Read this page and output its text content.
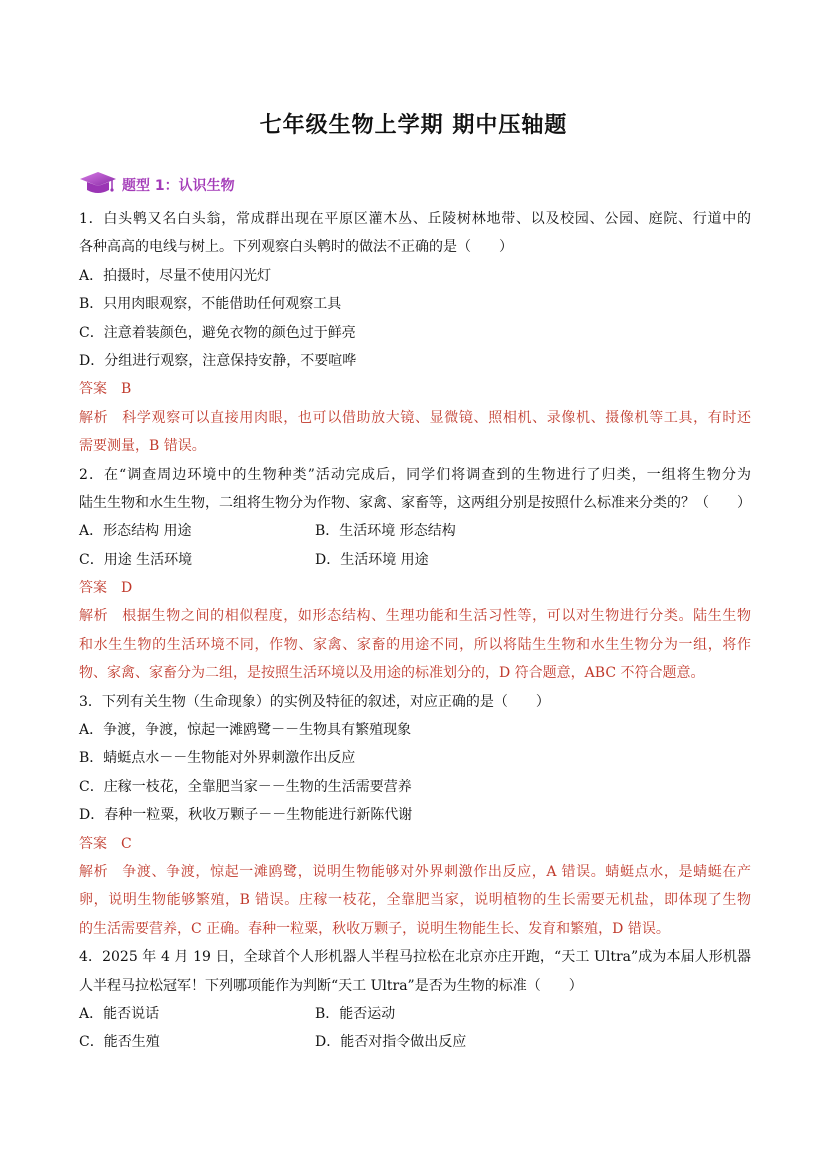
七年级生物上学期 期中压轴题
题型 1：认识生物
1．白头鹎又名白头翁，常成群出现在平原区灌木丛、丘陵树林地带、以及校园、公园、庭院、行道中的
各种高高的电线与树上。下列观察白头鹎时的做法不正确的是（　　）
A．拍摄时，尽量不使用闪光灯
B．只用肉眼观察，不能借助任何观察工具
C．注意着装颜色，避免衣物的颜色过于鲜亮
D．分组进行观察，注意保持安静，不要喧哗
答案 B
解析 科学观察可以直接用肉眼，也可以借助放大镜、显微镜、照相机、录像机、摄像机等工具，有时还
需要测量，B 错误。
2．在“调查周边环境中的生物种类”活动完成后，同学们将调查到的生物进行了归类，一组将生物分为
陆生生物和水生生物，二组将生物分为作物、家禽、家畜等，这两组分别是按照什么标准来分类的？（　　）
A．形态结构 用途	B．生活环境 形态结构
C．用途 生活环境	D．生活环境 用途
答案 D
解析 根据生物之间的相似程度，如形态结构、生理功能和生活习性等，可以对生物进行分类。陆生生物
和水生生物的生活环境不同，作物、家禽、家畜的用途不同，所以将陆生生物和水生生物分为一组，将作
物、家禽、家畜分为二组，是按照生活环境以及用途的标准划分的，D 符合题意，ABC 不符合题意。
3．下列有关生物（生命现象）的实例及特征的叙述，对应正确的是（　　）
A．争渡，争渡，惊起一滩鸥鹭－－生物具有繁殖现象
B．蜻蜓点水－－生物能对外界刺激作出反应
C．庄稼一枝花，全靠肥当家－－生物的生活需要营养
D．春种一粒粟，秋收万颗子－－生物能进行新陈代谢
答案 C
解析 争渡、争渡，惊起一滩鸥鹭，说明生物能够对外界刺激作出反应，A 错误。蜻蜓点水，是蜻蜓在产
卵，说明生物能够繁殖，B 错误。庄稼一枝花，全靠肥当家，说明植物的生长需要无机盐，即体现了生物
的生活需要营养，C 正确。春种一粒粟，秋收万颗子，说明生物能生长、发育和繁殖，D 错误。
4．2025 年 4 月 19 日，全球首个人形机器人半程马拉松在北京亦庄开跑，“天工 Ultra”成为本届人形机器
人半程马拉松冠军！下列哪项能作为判断“天工 Ultra”是否为生物的标准（　　）
A．能否说话	B．能否运动
C．能否生殖	D．能否对指令做出反应
